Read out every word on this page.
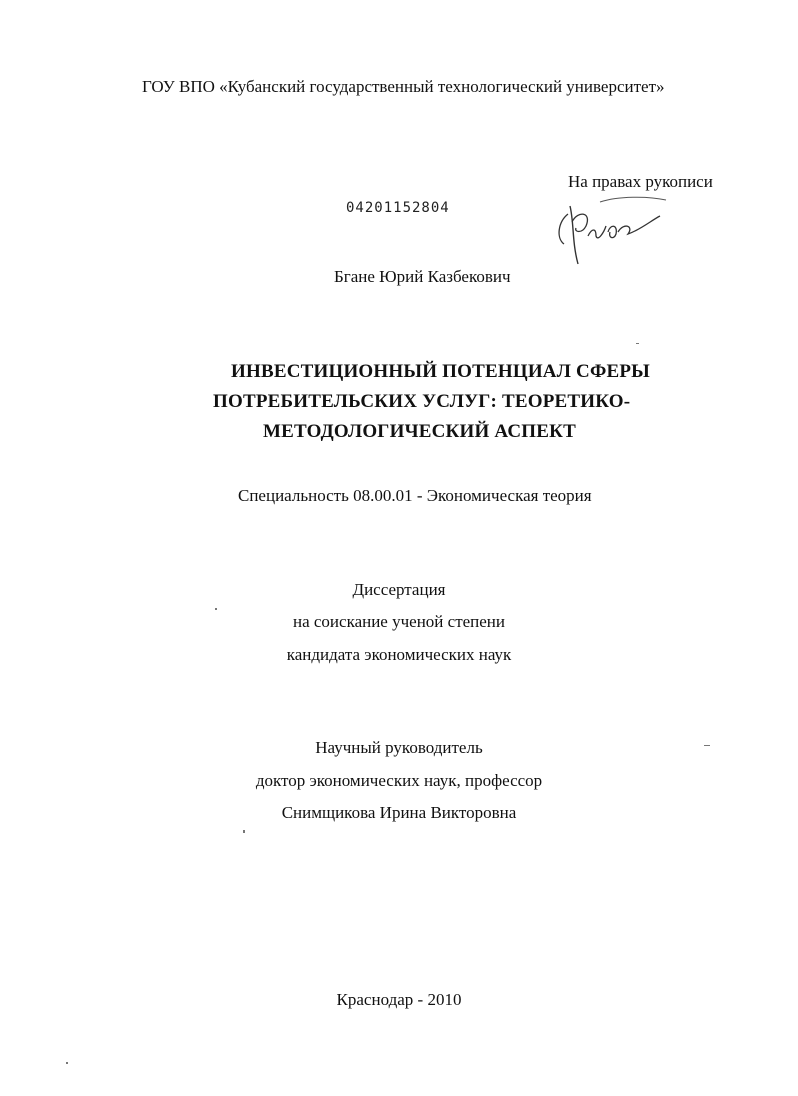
ГОУ ВПО «Кубанский государственный технологический университет»
На правах рукописи
04201152804
Бгане Юрий Казбекович
ИНВЕСТИЦИОННЫЙ ПОТЕНЦИАЛ СФЕРЫ
ПОТРЕБИТЕЛЬСКИХ УСЛУГ: ТЕОРЕТИКО-
МЕТОДОЛОГИЧЕСКИЙ АСПЕКТ
Специальность 08.00.01 - Экономическая теория
Диссертация
на соискание ученой степени
кандидата экономических наук
Научный руководитель
доктор экономических наук, профессор
Снимщикова Ирина Викторовна
Краснодар - 2010
